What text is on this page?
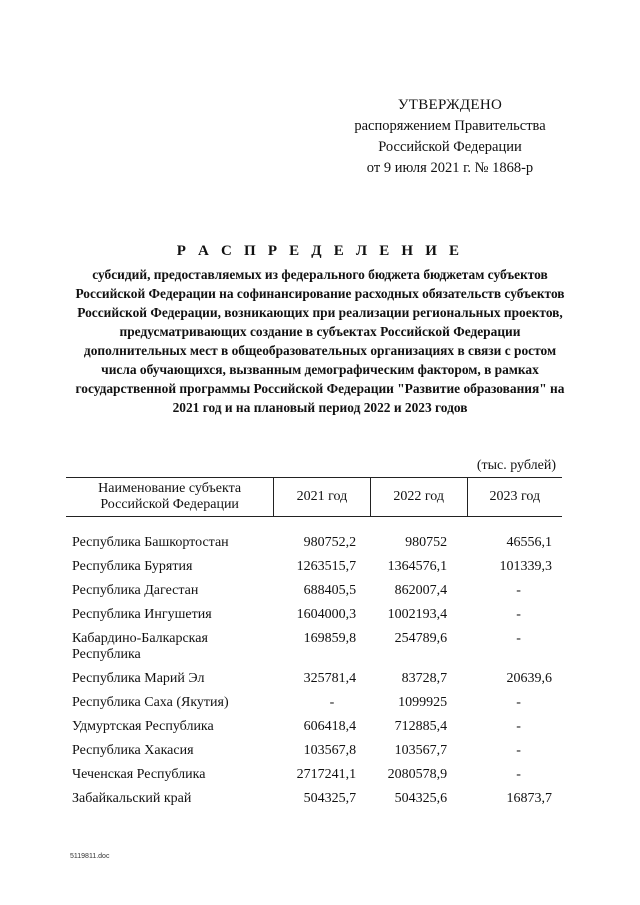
УТВЕРЖДЕНО
распоряжением Правительства
Российской Федерации
от 9 июля 2021 г. № 1868-р
Р А С П Р Е Д Е Л Е Н И Е
субсидий, предоставляемых из федерального бюджета бюджетам субъектов Российской Федерации на софинансирование расходных обязательств субъектов Российской Федерации, возникающих при реализации региональных проектов, предусматривающих создание в субъектах Российской Федерации дополнительных мест в общеобразовательных организациях в связи с ростом числа обучающихся, вызванным демографическим фактором, в рамках государственной программы Российской Федерации "Развитие образования" на 2021 год и на плановый период 2022 и 2023 годов
(тыс. рублей)
Наименование субъекта Российской Федерации	2021 год	2022 год	2023 год

Республика Башкортостан	980752,2	980752	46556,1
Республика Бурятия	1263515,7	1364576,1	101339,3
Республика Дагестан	688405,5	862007,4	-
Республика Ингушетия	1604000,3	1002193,4	-
Кабардино-Балкарская Республика	169859,8	254789,6	-
Республика Марий Эл	325781,4	83728,7	20639,6
Республика Саха (Якутия)	-	1099925	-
Удмуртская Республика	606418,4	712885,4	-
Республика Хакасия	103567,8	103567,7	-
Чеченская Республика	2717241,1	2080578,9	-
Забайкальский край	504325,7	504325,6	16873,7
5119811.doc
